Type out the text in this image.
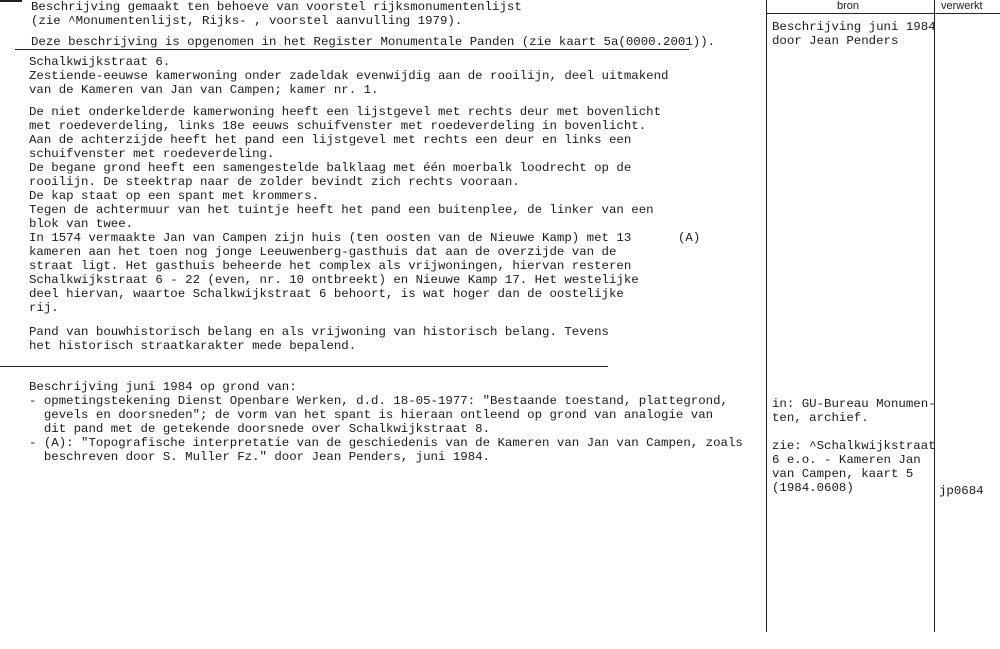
bron	verwerkt
Beschrijving gemaakt ten behoeve van voorstel rijksmonumentenlijst
(zie ^Monumentenlijst, Rijks- , voorstel aanvulling 1979).
Deze beschrijving is opgenomen in het Register Monumentale Panden (zie kaart 5a(0000.2001)).
Schalkwijkstraat 6.
Zestiende-eeuwse kamerwoning onder zadeldak evenwijdig aan de rooilijn, deel uitmakend
van de Kameren van Jan van Campen; kamer nr. 1.
De niet onderkelderde kamerwoning heeft een lijstgevel met rechts deur met bovenlicht
met roedeverdeling, links 18e eeuws schuifvenster met roedeverdeling in bovenlicht.
Aan de achterzijde heeft het pand een lijstgevel met rechts een deur en links een
schuifvenster met roedeverdeling.
De begane grond heeft een samengestelde balklaag met één moerbalk loodrecht op de
rooilijn. De steektrap naar de zolder bevindt zich rechts vooraan.
De kap staat op een spant met krommers.
Tegen de achtermuur van het tuintje heeft het pand een buitenplee, de linker van een
blok van twee.
In 1574 vermaakte Jan van Campen zijn huis (ten oosten van de Nieuwe Kamp) met 13
kameren aan het toen nog jonge Leeuwenberg-gasthuis dat aan de overzijde van de
straat ligt. Het gasthuis beheerde het complex als vrijwoningen, hiervan resteren
Schalkwijkstraat 6 - 22 (even, nr. 10 ontbreekt) en Nieuwe Kamp 17. Het westelijke
deel hiervan, waartoe Schalkwijkstraat 6 behoort, is wat hoger dan de oostelijke
rij.
(A)
Pand van bouwhistorisch belang en als vrijwoning van historisch belang. Tevens
het historisch straatkarakter mede bepalend.
Beschrijving juni 1984 op grond van:
- opmetingstekening Dienst Openbare Werken, d.d. 18-05-1977: "Bestaande toestand, plattegrond,
gevels en doorsneden"; de vorm van het spant is hieraan ontleend op grond van analogie van
dit pand met de getekende doorsnede over Schalkwijkstraat 8.
- (A): "Topografische interpretatie van de geschiedenis van de Kameren van Jan van Campen, zoals
beschreven door S. Muller Fz." door Jean Penders, juni 1984.
Beschrijving juni 1984
door Jean Penders
in: GU-Bureau Monumen-
ten, archief.
zie: ^Schalkwijkstraat
6 e.o. - Kameren Jan
van Campen, kaart 5
(1984.0608)	jp0684
